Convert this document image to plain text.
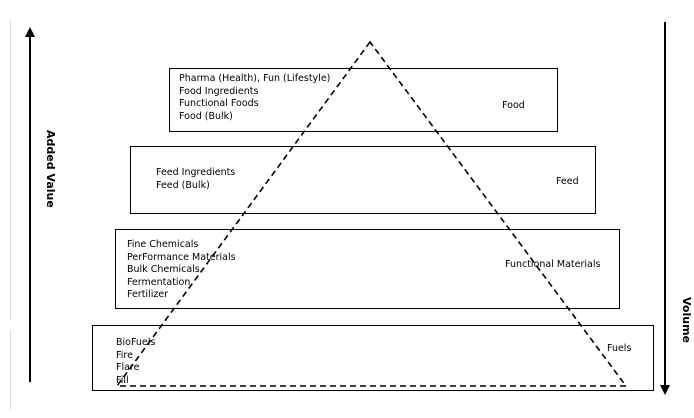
Pharma (Health), Fun (Lifestyle)
Food Ingredients
Functional Foods
Food (Bulk)
Food
Feed Ingredients
Feed (Bulk)	Feed
Fine Chemicals
PerFormance Materials
Bulk Chemicals
Fermentation
Fertilizer
Functional Materials
BioFuels
Fire
Flare
Fill
Fuels
Added Value
Volume
